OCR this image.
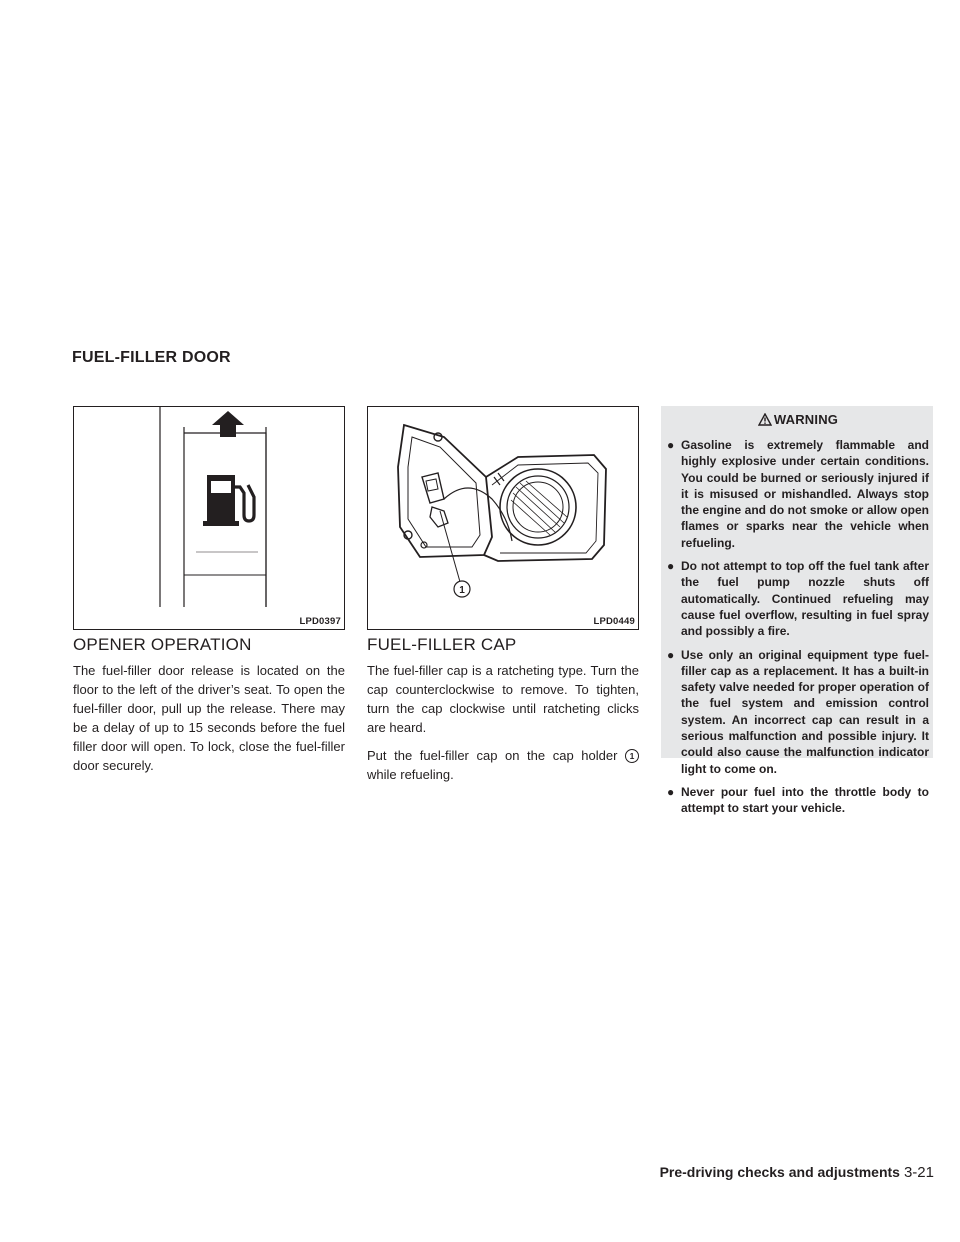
FUEL-FILLER DOOR
LPD0397
1
LPD0449
OPENER OPERATION

The fuel-filler door release is located on the floor to the left of the driver’s seat. To open the fuel-filler door, pull up the release. There may be a delay of up to 15 seconds before the fuel filler door will open. To lock, close the fuel-filler door securely.

FUEL-FILLER CAP

The fuel-filler cap is a ratcheting type. Turn the cap counterclockwise to remove. To tighten, turn the cap clockwise until ratcheting clicks are heard.

Put the fuel-filler cap on the cap holder 1 while refueling.

WARNING
● Gasoline is extremely flammable and highly explosive under certain conditions. You could be burned or seriously injured if it is misused or mishandled. Always stop the engine and do not smoke or allow open flames or sparks near the vehicle when refueling.
● Do not attempt to top off the fuel tank after the fuel pump nozzle shuts off automatically. Continued refueling may cause fuel overflow, resulting in fuel spray and possibly a fire.
● Use only an original equipment type fuel-filler cap as a replacement. It has a built-in safety valve needed for proper operation of the fuel system and emission control system. An incorrect cap can result in a serious malfunction and possible injury. It could also cause the malfunction indicator light to come on.
● Never pour fuel into the throttle body to attempt to start your vehicle.
Pre-driving checks and adjustments 3-21
